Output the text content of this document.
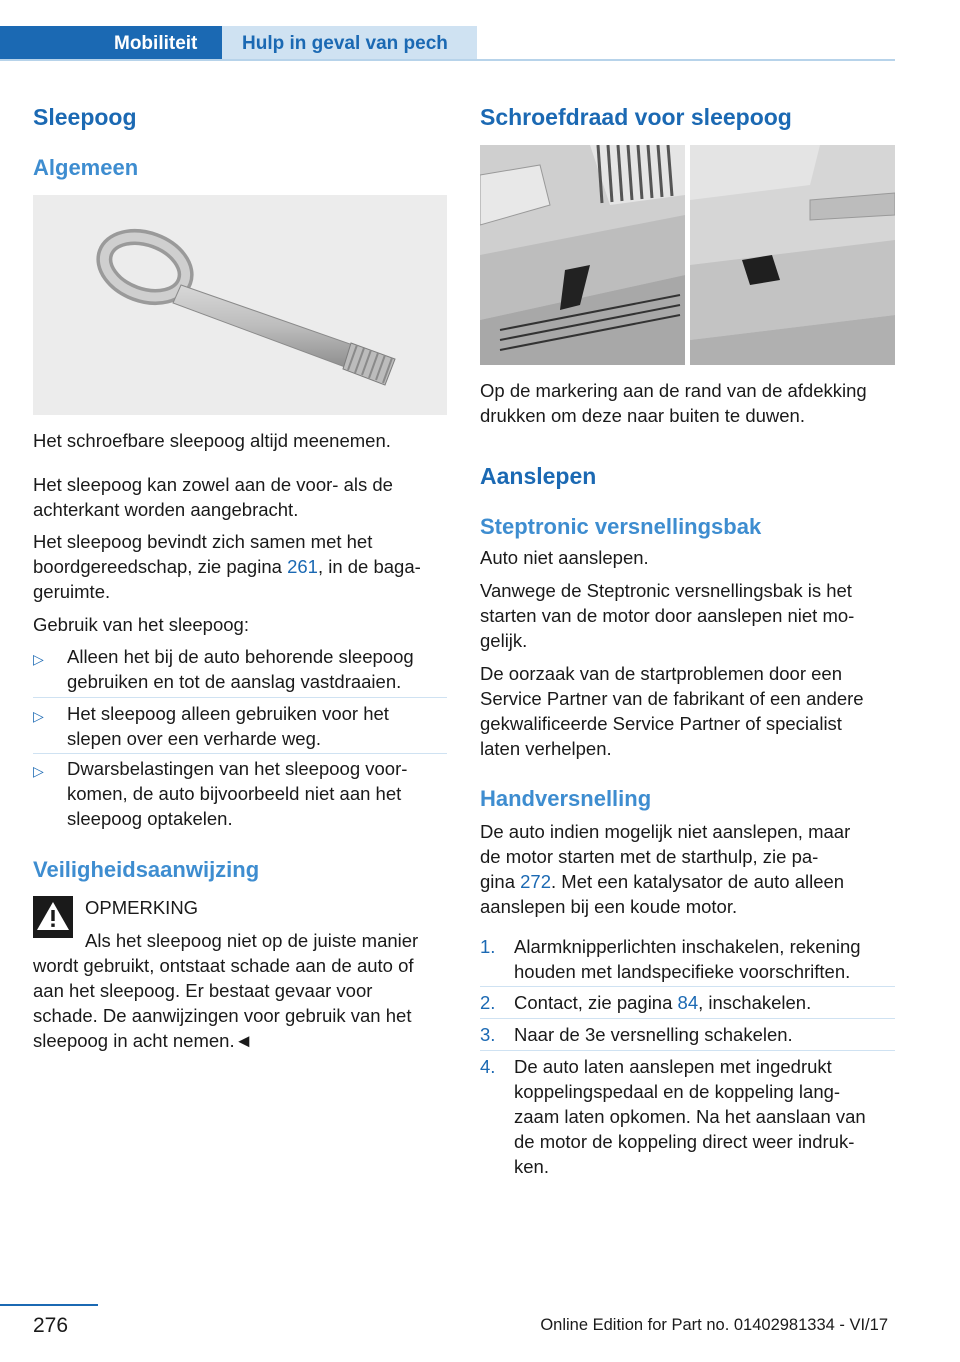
Mobiliteit	Hulp in geval van pech
Sleepoog
Algemeen
Het schroefbare sleepoog altijd meenemen.
Het sleepoog kan zowel aan de voor- als de
achterkant worden aangebracht.
Het sleepoog bevindt zich samen met het
boordgereedschap, zie pagina 261, in de baga-
geruimte.
Gebruik van het sleepoog:
▷ Alleen het bij de auto behorende sleepoog
gebruiken en tot de aanslag vastdraaien.
▷ Het sleepoog alleen gebruiken voor het
slepen over een verharde weg.
▷ Dwarsbelastingen van het sleepoog voor-
komen, de auto bijvoorbeeld niet aan het
sleepoog optakelen.
Veiligheidsaanwijzing
OPMERKING
Als het sleepoog niet op de juiste manier
wordt gebruikt, ontstaat schade aan de auto of
aan het sleepoog. Er bestaat gevaar voor
schade. De aanwijzingen voor gebruik van het
sleepoog in acht nemen.◄
Schroefdraad voor sleepoog
Op de markering aan de rand van de afdekking
drukken om deze naar buiten te duwen.
Aanslepen
Steptronic versnellingsbak
Auto niet aanslepen.
Vanwege de Steptronic versnellingsbak is het
starten van de motor door aanslepen niet mo-
gelijk.
De oorzaak van de startproblemen door een
Service Partner van de fabrikant of een andere
gekwalificeerde Service Partner of specialist
laten verhelpen.
Handversnelling
De auto indien mogelijk niet aanslepen, maar
de motor starten met de starthulp, zie pa-
gina 272. Met een katalysator de auto alleen
aanslepen bij een koude motor.
1. Alarmknipperlichten inschakelen, rekening
houden met landspecifieke voorschriften.
2. Contact, zie pagina 84, inschakelen.
3. Naar de 3e versnelling schakelen.
4. De auto laten aanslepen met ingedrukt
koppelingspedaal en de koppeling lang-
zaam laten opkomen. Na het aanslaan van
de motor de koppeling direct weer indruk-
ken.
276	Online Edition for Part no. 01402981334 - VI/17
